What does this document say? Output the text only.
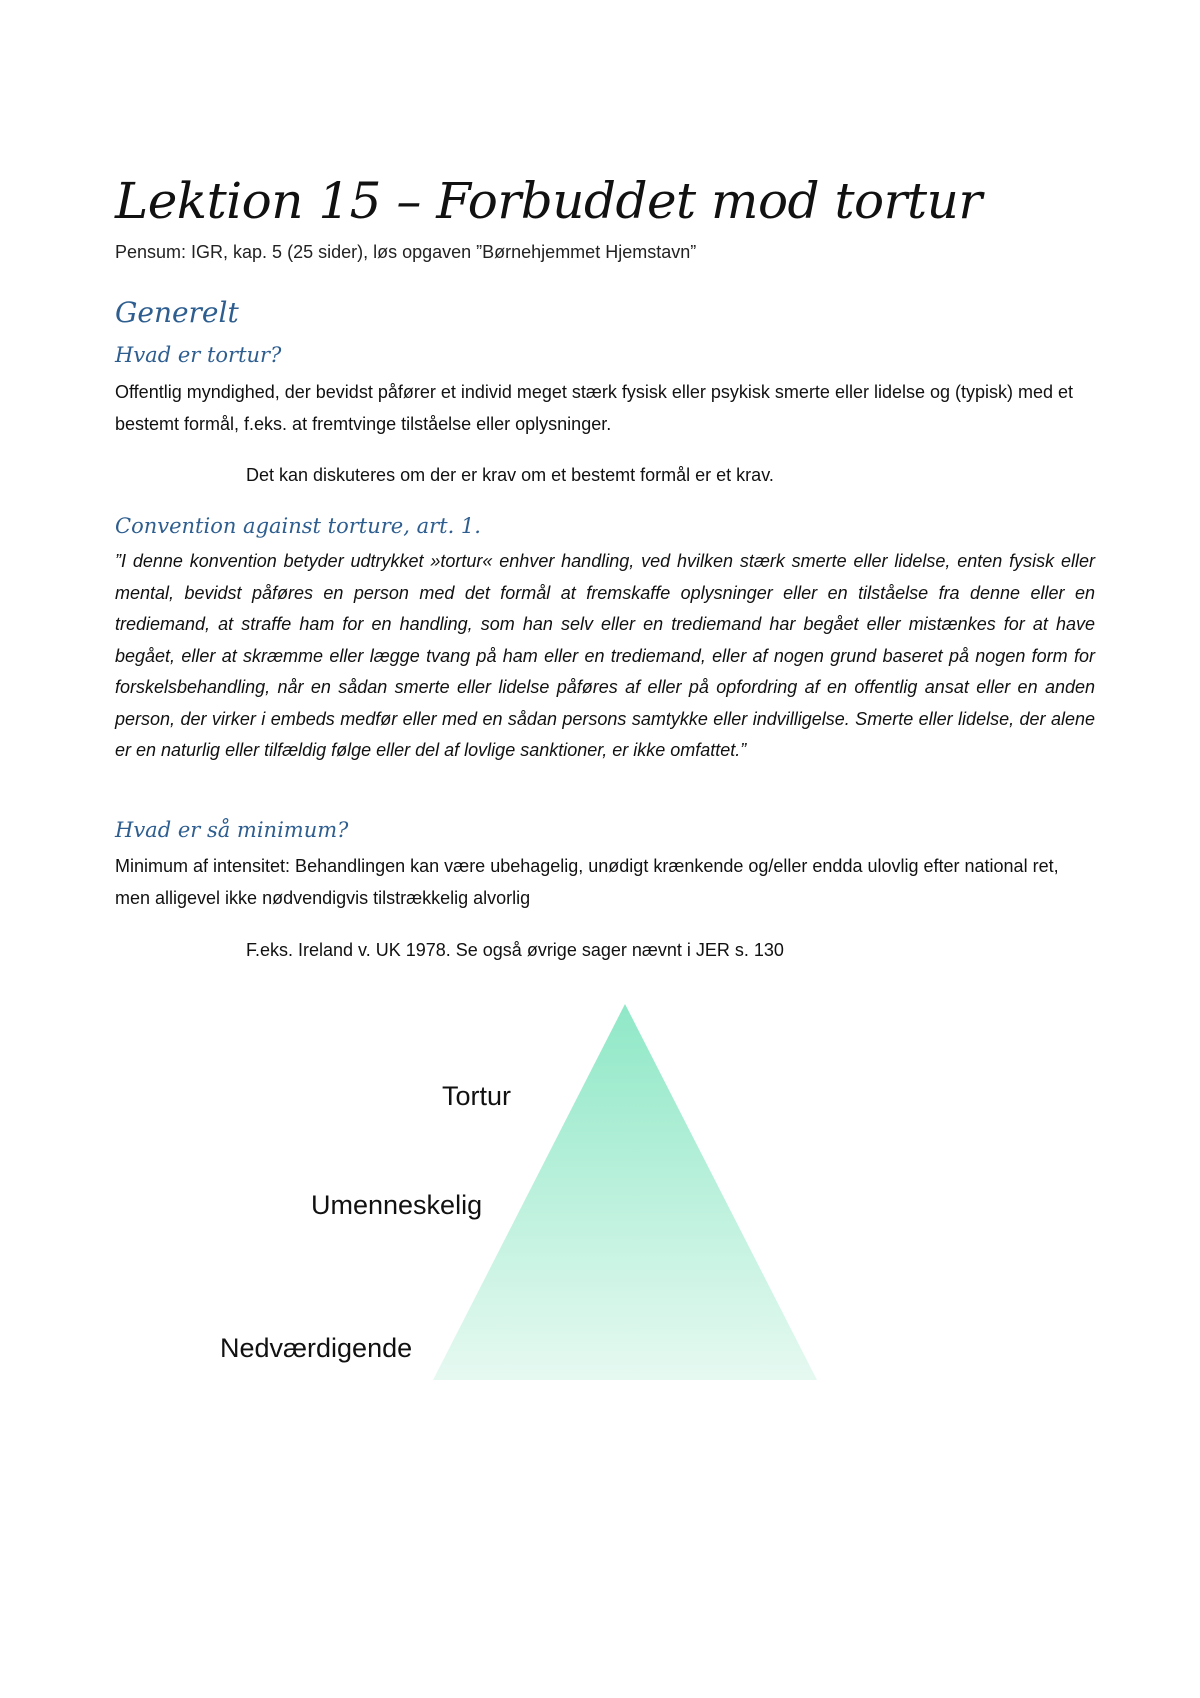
Lektion 15 – Forbuddet mod tortur
Pensum: IGR, kap. 5 (25 sider), løs opgaven ”Børnehjemmet Hjemstavn”
Generelt
Hvad er tortur?

Offentlig myndighed, der bevidst påfører et individ meget stærk fysisk eller psykisk smerte eller lidelse og (typisk) med et bestemt formål, f.eks. at fremtvinge tilståelse eller oplysninger.

Det kan diskuteres om der er krav om et bestemt formål er et krav.

Convention against torture, art. 1.

”I denne konvention betyder udtrykket »tortur« enhver handling, ved hvilken stærk smerte eller lidelse, enten fysisk eller mental, bevidst påføres en person med det formål at fremskaffe oplysninger eller en tilståelse fra denne eller en trediemand, at straffe ham for en handling, som han selv eller en trediemand har begået eller mistænkes for at have begået, eller at skræmme eller lægge tvang på ham eller en trediemand, eller af nogen grund baseret på nogen form for forskelsbehandling, når en sådan smerte eller lidelse påføres af eller på opfordring af en offentlig ansat eller en anden person, der virker i embeds medfør eller med en sådan persons samtykke eller indvilligelse. Smerte eller lidelse, der alene er en naturlig eller tilfældig følge eller del af lovlige sanktioner, er ikke omfattet.”

Hvad er så minimum?

Minimum af intensitet: Behandlingen kan være ubehagelig, unødigt krænkende og/eller endda ulovlig efter national ret, men alligevel ikke nødvendigvis tilstrækkelig alvorlig

F.eks. Ireland v. UK 1978. Se også øvrige sager nævnt i JER s. 130

Tortur
Umenneskelig
Nedværdigende
